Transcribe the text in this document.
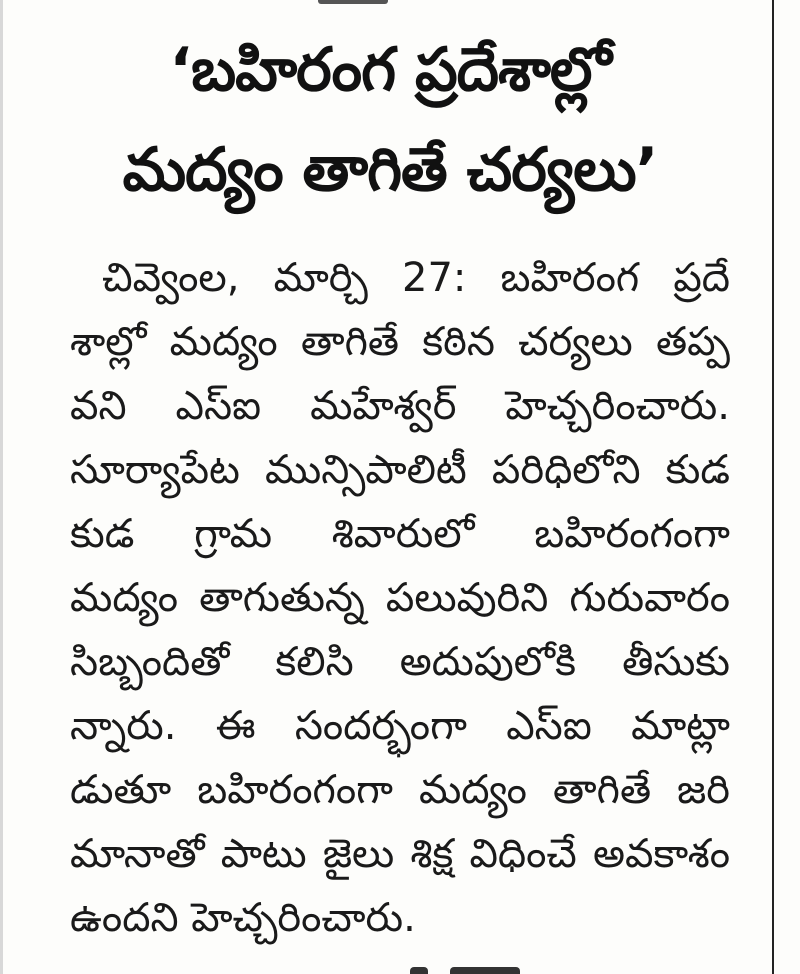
‘బహిరంగ ప్రదేశాల్లో
మద్యం తాగితే చర్యలు’
చివ్వెంల, మార్చి 27: బహిరంగ ప్రదే
శాల్లో మద్యం తాగితే కఠిన చర్యలు తప్ప
వని ఎస్‌ఐ మహేశ్వర్‌ హెచ్చరించారు.
సూర్యాపేట మున్సిపాలిటీ పరిధిలోని కుడ
కుడ గ్రామ శివారులో బహిరంగంగా
మద్యం తాగుతున్న పలువురిని గురువారం
సిబ్బందితో కలిసి అదుపులోకి తీసుకు
న్నారు. ఈ సందర్భంగా ఎస్‌ఐ మాట్లా
డుతూ బహిరంగంగా మద్యం తాగితే జరి
మానాతో పాటు జైలు శిక్ష విధించే అవకాశం
ఉందని హెచ్చరించారు.
